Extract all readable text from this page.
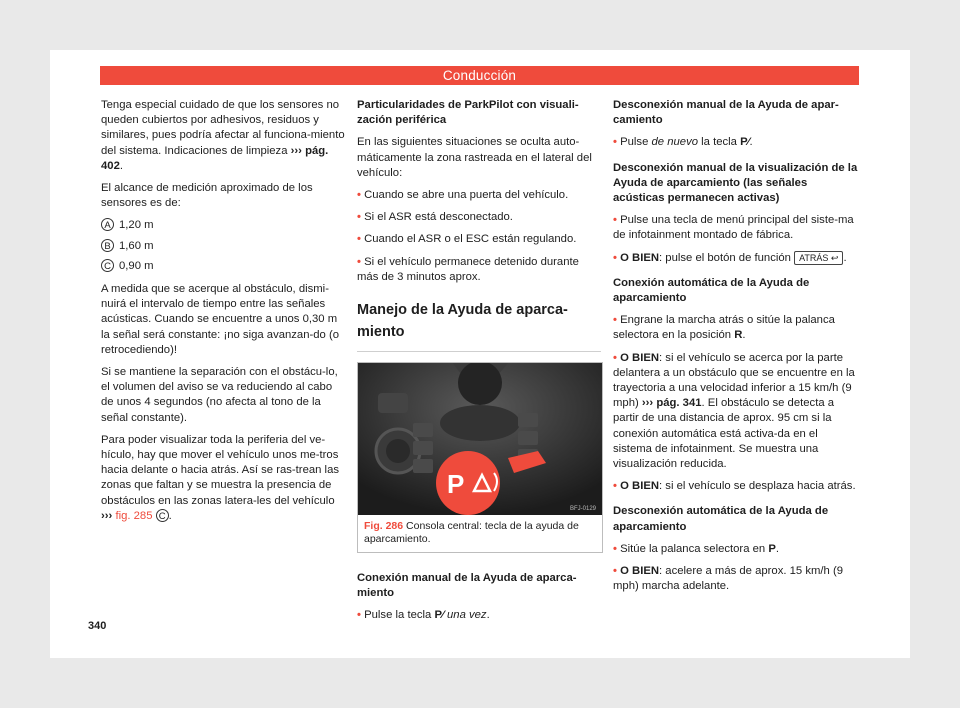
Conducción

Tenga especial cuidado de que los sensores no queden cubiertos por adhesivos, residuos y similares, pues podría afectar al funciona-miento del sistema. Indicaciones de limpieza ››› pág. 402.

El alcance de medición aproximado de los sensores es de:

A 1,20 m
B 1,60 m
C 0,90 m

A medida que se acerque al obstáculo, dismi-nuirá el intervalo de tiempo entre las señales acústicas. Cuando se encuentre a unos 0,30 m la señal será constante: ¡no siga avanzan-do (o retrocediendo)!

Si se mantiene la separación con el obstácu-lo, el volumen del aviso se va reduciendo al cabo de unos 4 segundos (no afecta al tono de la señal constante).

Para poder visualizar toda la periferia del ve-hículo, hay que mover el vehículo unos me-tros hacia delante o hacia atrás. Así se ras-trean las zonas que faltan y se muestra la presencia de obstáculos en las zonas latera-les del vehículo ››› fig. 285 C .

Particularidades de ParkPilot con visuali-zación periférica

En las siguientes situaciones se oculta auto-máticamente la zona rastreada en el lateral del vehículo:

• Cuando se abre una puerta del vehículo.

• Si el ASR está desconectado.

• Cuando el ASR o el ESC están regulando.

• Si el vehículo permanece detenido durante más de 3 minutos aprox.

Manejo de la Ayuda de aparca-miento
P
BFJ-0129
Fig. 286 Consola central: tecla de la ayuda de aparcamiento.

Conexión manual de la Ayuda de aparca-miento

• Pulse la tecla P⁄ una vez.

Desconexión manual de la Ayuda de apar-camiento

• Pulse de nuevo la tecla P⁄.

Desconexión manual de la visualización de la Ayuda de aparcamiento (las señales acústicas permanecen activas)

• Pulse una tecla de menú principal del siste-ma de infotainment montado de fábrica.

• O BIEN: pulse el botón de función ATRÁS ↩ .

Conexión automática de la Ayuda de aparcamiento

• Engrane la marcha atrás o sitúe la palanca selectora en la posición R.

• O BIEN: si el vehículo se acerca por la parte delantera a un obstáculo que se encuentre en la trayectoria a una velocidad inferior a 15 km/h (9 mph) ››› pág. 341. El obstáculo se detecta a partir de una distancia de aprox. 95 cm si la conexión automática está activa-da en el sistema de infotainment. Se muestra una visualización reducida.

• O BIEN: si el vehículo se desplaza hacia atrás.

Desconexión automática de la Ayuda de aparcamiento

• Sitúe la palanca selectora en P.

• O BIEN: acelere a más de aprox. 15 km/h (9 mph) marcha adelante.

340
